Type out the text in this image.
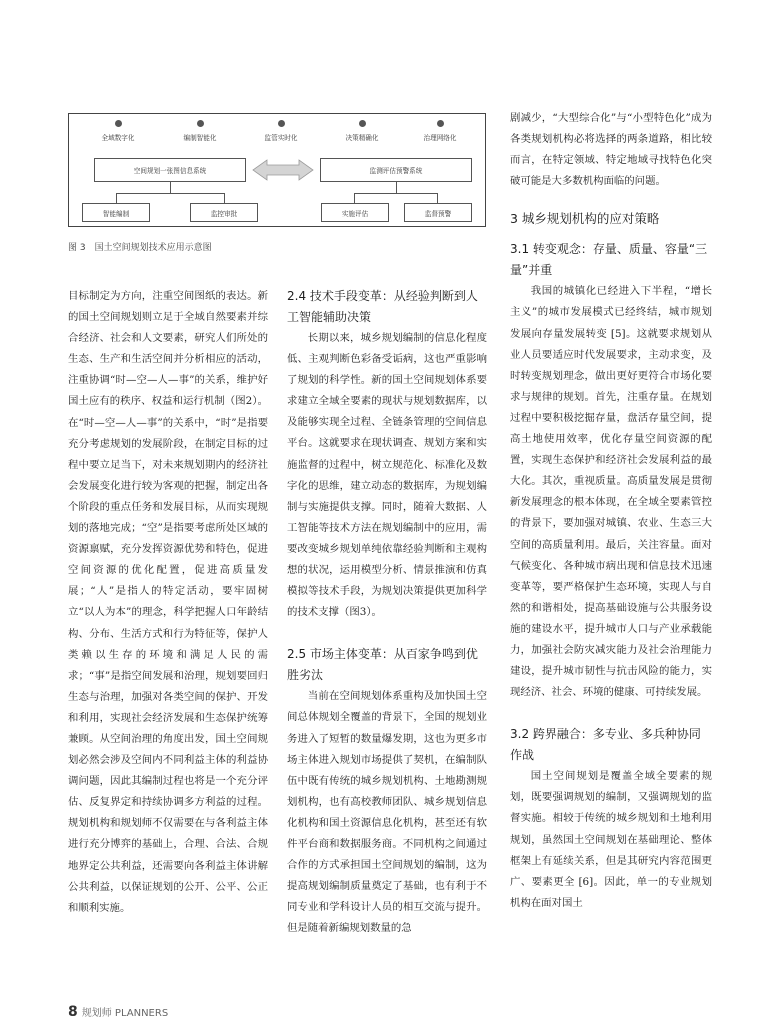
全域数字化	编制智能化	监管实时化	决策精确化	治理网络化
空间规划一张图信息系统	监测评估预警系统
智能编制	监控审批	实施评估	监督预警
图 3　国土空间规划技术应用示意图

目标制定为方向，注重空间图纸的表达。新的国土空间规划则立足于全域自然要素并综合经济、社会和人文要素，研究人们所处的生态、生产和生活空间并分析相应的活动，注重协调“时—空—人—事”的关系，维护好国土应有的秩序、权益和运行机制（图2）。在“时—空—人—事”的关系中，“时”是指要充分考虑规划的发展阶段，在制定目标的过程中要立足当下，对未来规划期内的经济社会发展变化进行较为客观的把握，制定出各个阶段的重点任务和发展目标，从而实现规划的落地完成；“空”是指要考虑所处区域的资源禀赋，充分发挥资源优势和特色，促进空间资源的优化配置，促进高质量发展；“人”是指人的特定活动，要牢固树立“以人为本”的理念，科学把握人口年龄结构、分布、生活方式和行为特征等，保护人类赖以生存的环境和满足人民的需求；“事”是指空间发展和治理，规划要回归生态与治理，加强对各类空间的保护、开发和利用，实现社会经济发展和生态保护统筹兼顾。从空间治理的角度出发，国土空间规划必然会涉及空间内不同利益主体的利益协调问题，因此其编制过程也将是一个充分评估、反复界定和持续协调多方利益的过程。规划机构和规划师不仅需要在与各利益主体进行充分博弈的基础上，合理、合法、合规地界定公共利益，还需要向各利益主体讲解公共利益，以保证规划的公开、公平、公正和顺利实施。

2.4 技术手段变革：从经验判断到人工智能辅助决策

长期以来，城乡规划编制的信息化程度低、主观判断色彩备受诟病，这也严重影响了规划的科学性。新的国土空间规划体系要求建立全域全要素的现状与规划数据库，以及能够实现全过程、全链条管理的空间信息平台。这就要求在现状调查、规划方案和实施监督的过程中，树立规范化、标准化及数字化的思维，建立动态的数据库，为规划编制与实施提供支撑。同时，随着大数据、人工智能等技术方法在规划编制中的应用，需要改变城乡规划单纯依靠经验判断和主观构想的状况，运用模型分析、情景推演和仿真模拟等技术手段，为规划决策提供更加科学的技术支撑（图3）。

2.5 市场主体变革：从百家争鸣到优胜劣汰

当前在空间规划体系重构及加快国土空间总体规划全覆盖的背景下，全国的规划业务进入了短暂的数量爆发期，这也为更多市场主体进入规划市场提供了契机，在编制队伍中既有传统的城乡规划机构、土地勘测规划机构，也有高校教师团队、城乡规划信息化机构和国土资源信息化机构，甚至还有软件平台商和数据服务商。不同机构之间通过合作的方式承担国土空间规划的编制，这为提高规划编制质量奠定了基础，也有利于不同专业和学科设计人员的相互交流与提升。但是随着新编规划数量的急

剧减少，“大型综合化”与“小型特色化”成为各类规划机构必将选择的两条道路，相比较而言，在特定领域、特定地域寻找特色化突破可能是大多数机构面临的问题。

3 城乡规划机构的应对策略
3.1 转变观念：存量、质量、容量“三量”并重

我国的城镇化已经进入下半程，“增长主义”的城市发展模式已经终结，城市规划发展向存量发展转变 [5]。这就要求规划从业人员要适应时代发展要求，主动求变，及时转变规划理念，做出更好更符合市场化要求与规律的规划。首先，注重存量。在规划过程中要积极挖掘存量，盘活存量空间，提高土地使用效率，优化存量空间资源的配置，实现生态保护和经济社会发展利益的最大化。其次，重视质量。高质量发展是贯彻新发展理念的根本体现，在全域全要素管控的背景下，要加强对城镇、农业、生态三大空间的高质量利用。最后，关注容量。面对气候变化、各种城市病出现和信息技术迅速变革等，要严格保护生态环境，实现人与自然的和谐相处，提高基础设施与公共服务设施的建设水平，提升城市人口与产业承载能力，加强社会防灾减灾能力及社会治理能力建设，提升城市韧性与抗击风险的能力，实现经济、社会、环境的健康、可持续发展。

3.2 跨界融合：多专业、多兵种协同作战

国土空间规划是覆盖全域全要素的规划，既要强调规划的编制，又强调规划的监督实施。相较于传统的城乡规划和土地利用规划，虽然国土空间规划在基础理论、整体框架上有延续关系，但是其研究内容范围更广、要素更全 [6]。因此，单一的专业规划机构在面对国土

8 规划师 PLANNERS
